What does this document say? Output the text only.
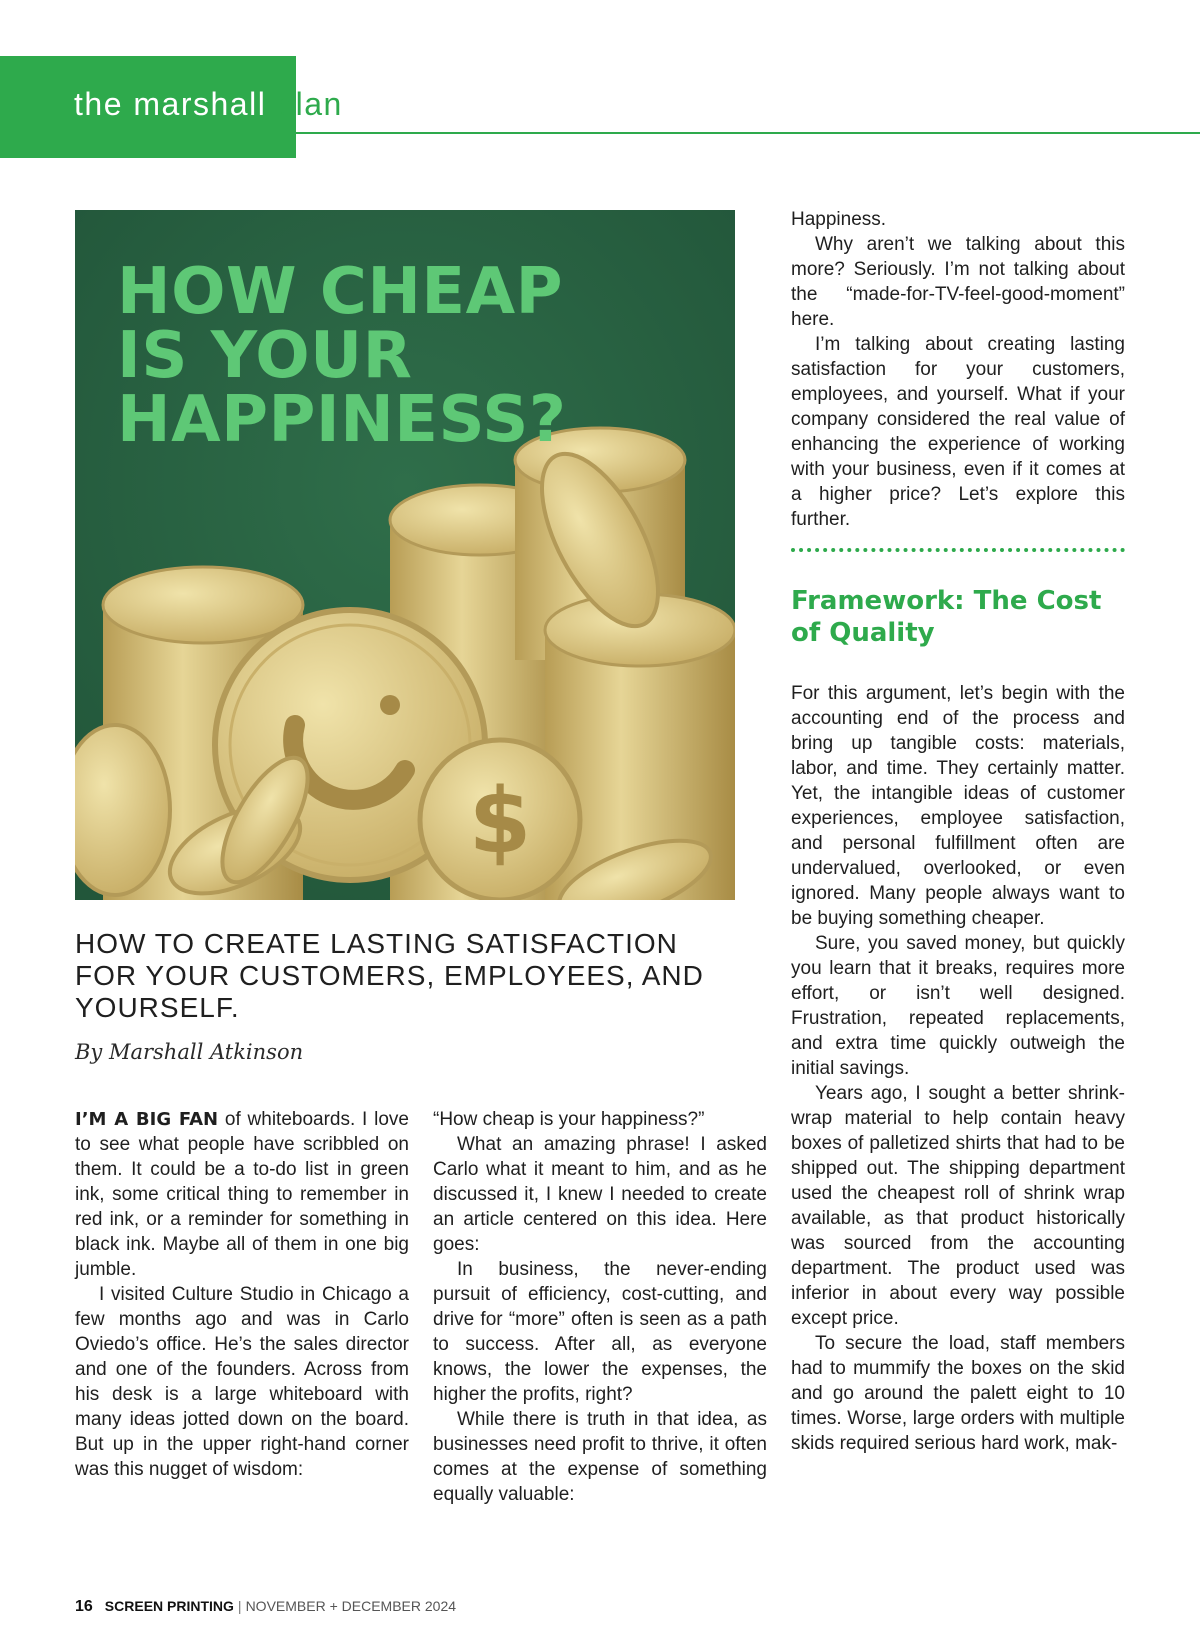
the marshall plan
$
HOW CHEAP
IS YOUR
HAPPINESS?
HOW TO CREATE LASTING SATISFACTION FOR YOUR CUSTOMERS, EMPLOYEES, AND YOURSELF.

By Marshall Atkinson

I’M A BIG FAN of whiteboards. I love to see what people have scribbled on them. It could be a to-do list in green ink, some critical thing to remember in red ink, or a reminder for something in black ink. Maybe all of them in one big jumble.

I visited Culture Studio in Chicago a few months ago and was in Carlo Oviedo’s office. He’s the sales director and one of the founders. Across from his desk is a large whiteboard with many ideas jotted down on the board. But up in the upper right-hand corner was this nugget of wisdom:

“How cheap is your happiness?”

What an amazing phrase! I asked Carlo what it meant to him, and as he discussed it, I knew I needed to create an article centered on this idea. Here goes:

In business, the never-ending pursuit of efficiency, cost-cutting, and drive for “more” often is seen as a path to success. After all, as everyone knows, the lower the expenses, the higher the profits, right?

While there is truth in that idea, as businesses need profit to thrive, it often comes at the expense of something equally valuable:

Happiness.

Why aren’t we talking about this more? Seriously. I’m not talking about the “made-for-TV-feel-good-moment” here.

I’m talking about creating lasting satisfaction for your customers, employees, and yourself. What if your company considered the real value of enhancing the experience of working with your business, even if it comes at a higher price? Let’s explore this further.

Framework: The Cost of Quality

For this argument, let’s begin with the accounting end of the process and bring up tangible costs: materials, labor, and time. They certainly matter. Yet, the intangible ideas of customer experiences, employee satisfaction, and personal fulfillment often are undervalued, overlooked, or even ignored. Many people always want to be buying something cheaper.

Sure, you saved money, but quickly you learn that it breaks, requires more effort, or isn’t well designed. Frustration, repeated replacements, and extra time quickly outweigh the initial savings.

Years ago, I sought a better shrink-wrap material to help contain heavy boxes of palletized shirts that had to be shipped out. The shipping department used the cheapest roll of shrink wrap available, as that product historically was sourced from the accounting department. The product used was inferior in about every way possible except price.

To secure the load, staff members had to mummify the boxes on the skid and go around the palett eight to 10 times. Worse, large orders with multiple skids required serious hard work, mak-

16 SCREEN PRINTING | NOVEMBER + DECEMBER 2024
